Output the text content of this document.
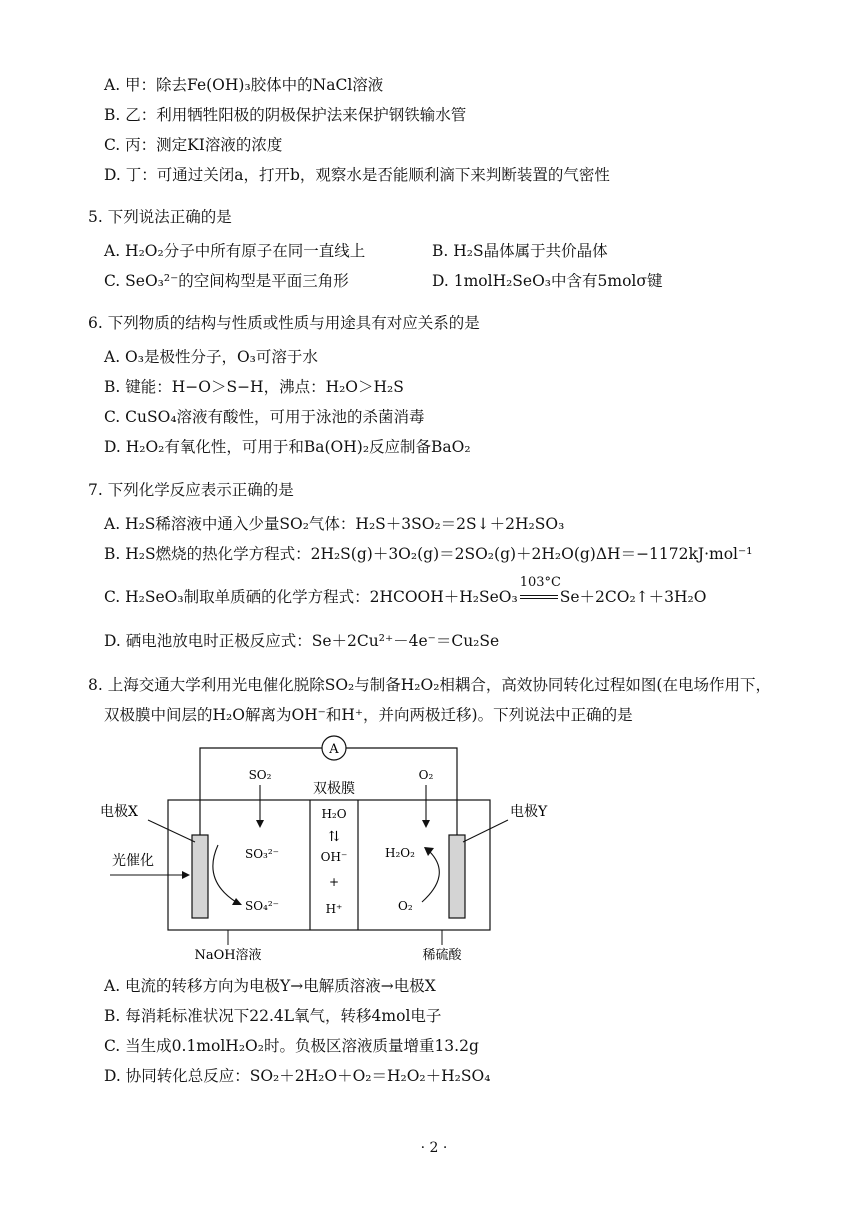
A. 甲：除去Fe(OH)₃胶体中的NaCl溶液
B. 乙：利用牺牲阳极的阴极保护法来保护钢铁输水管
C. 丙：测定KI溶液的浓度
D. 丁：可通过关闭a，打开b，观察水是否能顺利滴下来判断装置的气密性
5. 下列说法正确的是
A. H₂O₂分子中所有原子在同一直线上	B. H₂S晶体属于共价晶体
C. SeO₃²⁻的空间构型是平面三角形	D. 1molH₂SeO₃中含有5molσ键
6. 下列物质的结构与性质或性质与用途具有对应关系的是
A. O₃是极性分子，O₃可溶于水
B. 键能：H−O＞S−H，沸点：H₂O＞H₂S
C. CuSO₄溶液有酸性，可用于泳池的杀菌消毒
D. H₂O₂有氧化性，可用于和Ba(OH)₂反应制备BaO₂
7. 下列化学反应表示正确的是
A. H₂S稀溶液中通入少量SO₂气体：H₂S＋3SO₂＝2S↓＋2H₂SO₃
B. H₂S燃烧的热化学方程式：2H₂S(g)＋3O₂(g)＝2SO₂(g)＋2H₂O(g)ΔH＝−1172kJ·mol⁻¹
C. H₂SeO₃制取单质硒的化学方程式：2HCOOH＋H₂SeO₃
103°C
Se＋2CO₂↑＋3H₂O
D. 硒电池放电时正极反应式：Se＋2Cu²⁺－4e⁻＝Cu₂Se
8. 上海交通大学利用光电催化脱除SO₂与制备H₂O₂相耦合，高效协同转化过程如图(在电场作用下，
双极膜中间层的H₂O解离为OH⁻和H⁺，并向两极迁移)。下列说法中正确的是
A
双极膜
电极X	电极Y
光催化
SO₂	O₂
SO₃²⁻
SO₄²⁻
H₂O
⇅
OH⁻
+
H⁺
H₂O₂
O₂
NaOH溶液	稀硫酸
A. 电流的转移方向为电极Y→电解质溶液→电极X
B. 每消耗标准状况下22.4L氧气，转移4mol电子
C. 当生成0.1molH₂O₂时。负极区溶液质量增重13.2g
D. 协同转化总反应：SO₂＋2H₂O＋O₂＝H₂O₂＋H₂SO₄
· 2 ·
